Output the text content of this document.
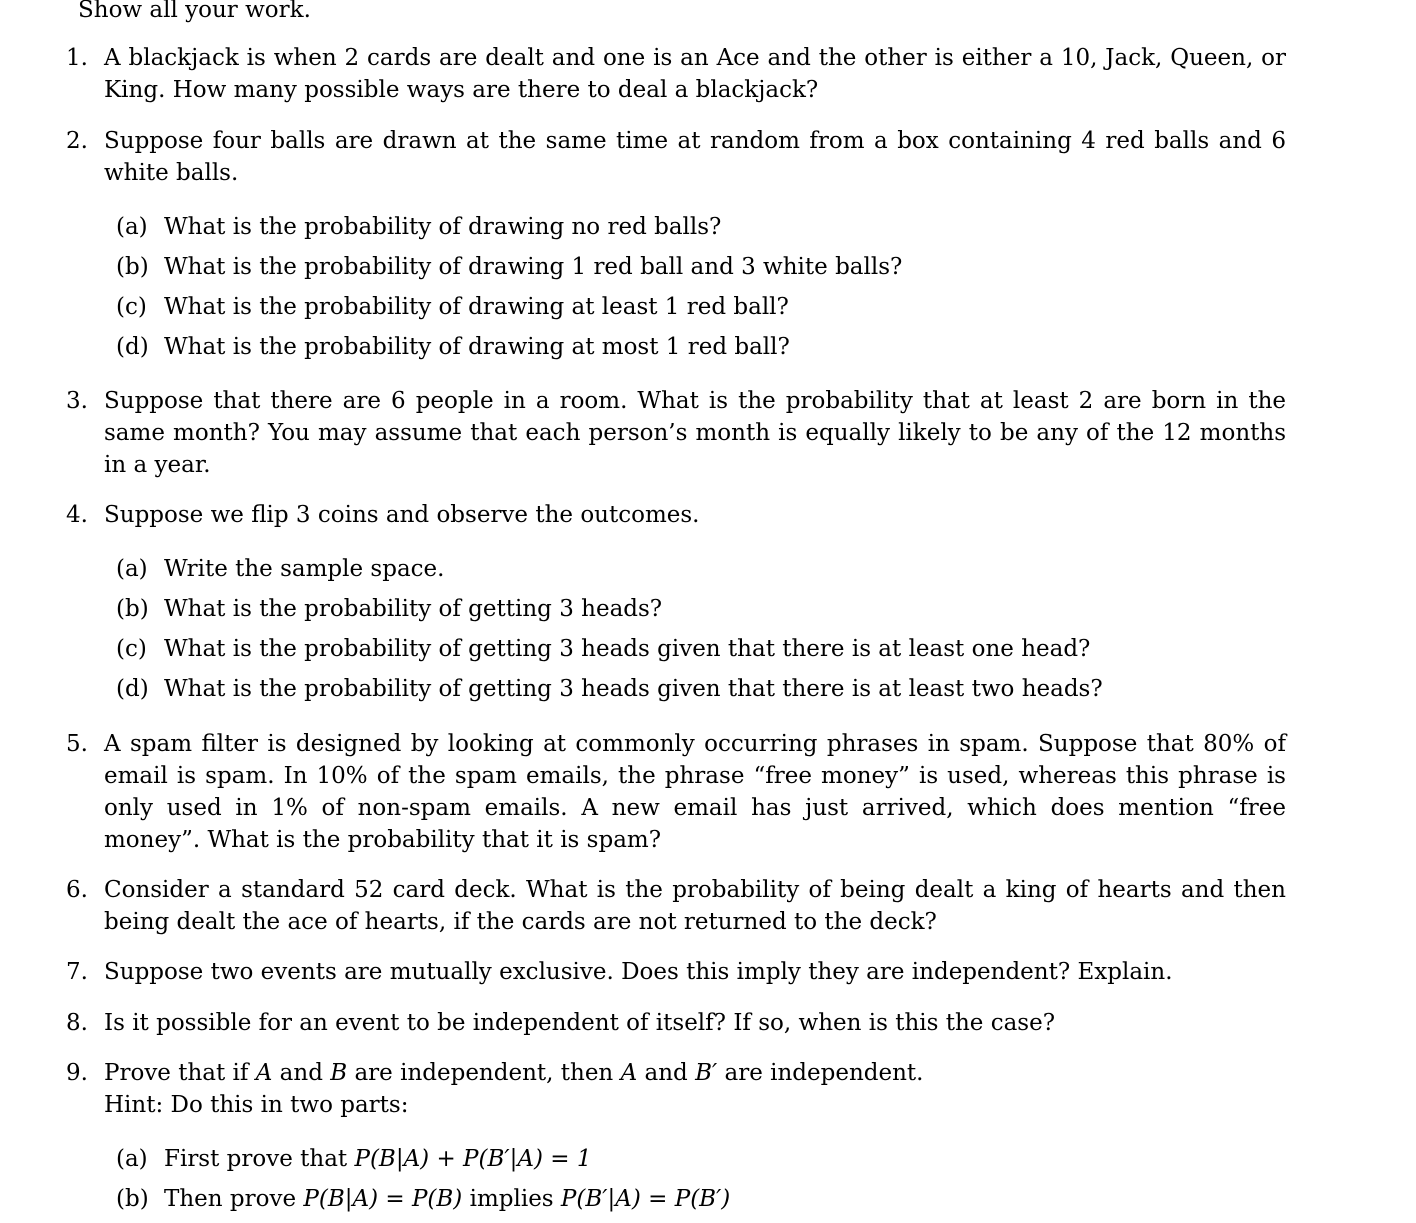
Show all your work.
1. A blackjack is when 2 cards are dealt and one is an Ace and the other is either a 10, Jack, Queen, or King. How many possible ways are there to deal a blackjack?
2. Suppose four balls are drawn at the same time at random from a box containing 4 red balls and 6 white balls.
(a) What is the probability of drawing no red balls?
(b) What is the probability of drawing 1 red ball and 3 white balls?
(c) What is the probability of drawing at least 1 red ball?
(d) What is the probability of drawing at most 1 red ball?
3. Suppose that there are 6 people in a room. What is the probability that at least 2 are born in the same month? You may assume that each person’s month is equally likely to be any of the 12 months in a year.
4. Suppose we flip 3 coins and observe the outcomes.
(a) Write the sample space.
(b) What is the probability of getting 3 heads?
(c) What is the probability of getting 3 heads given that there is at least one head?
(d) What is the probability of getting 3 heads given that there is at least two heads?
5. A spam filter is designed by looking at commonly occurring phrases in spam. Suppose that 80% of email is spam. In 10% of the spam emails, the phrase “free money” is used, whereas this phrase is only used in 1% of non-spam emails. A new email has just arrived, which does mention “free money”. What is the probability that it is spam?
6. Consider a standard 52 card deck. What is the probability of being dealt a king of hearts and then being dealt the ace of hearts, if the cards are not returned to the deck?
7. Suppose two events are mutually exclusive. Does this imply they are independent? Explain.
8. Is it possible for an event to be independent of itself? If so, when is this the case?
9. Prove that if A and B are independent, then A and B′ are independent.
Hint: Do this in two parts:
(a) First prove that P(B|A) + P(B′|A) = 1
(b) Then prove P(B|A) = P(B) implies P(B′|A) = P(B′)
